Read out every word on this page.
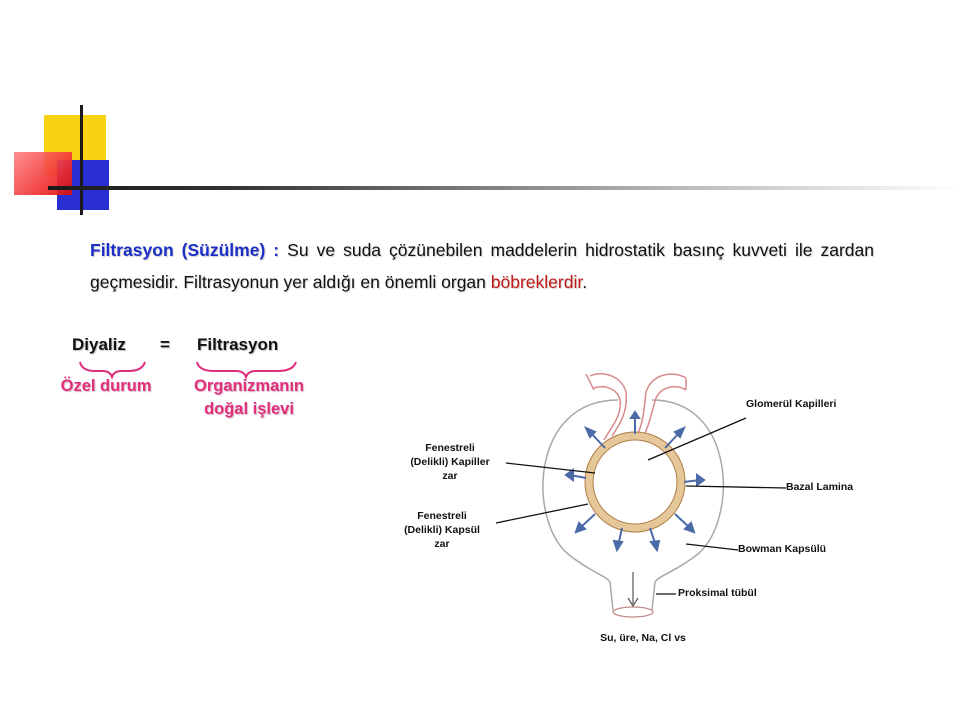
Filtrasyon (Süzülme) : Su ve suda çözünebilen maddelerin hidrostatik basınç kuvveti ile zardan geçmesidir. Filtrasyonun yer aldığı en önemli organ böbreklerdir.
Diyaliz = Filtrasyon
Özel durum	Organizmanın
doğal işlevi	Glomerül Kapilleri
Fenestreli
(Delikli) Kapiller
zar
Bazal Lamina
Fenestreli
(Delikli) Kapsül
zar	Bowman Kapsülü
Proksimal tübül
Su, üre, Na, Cl vs
